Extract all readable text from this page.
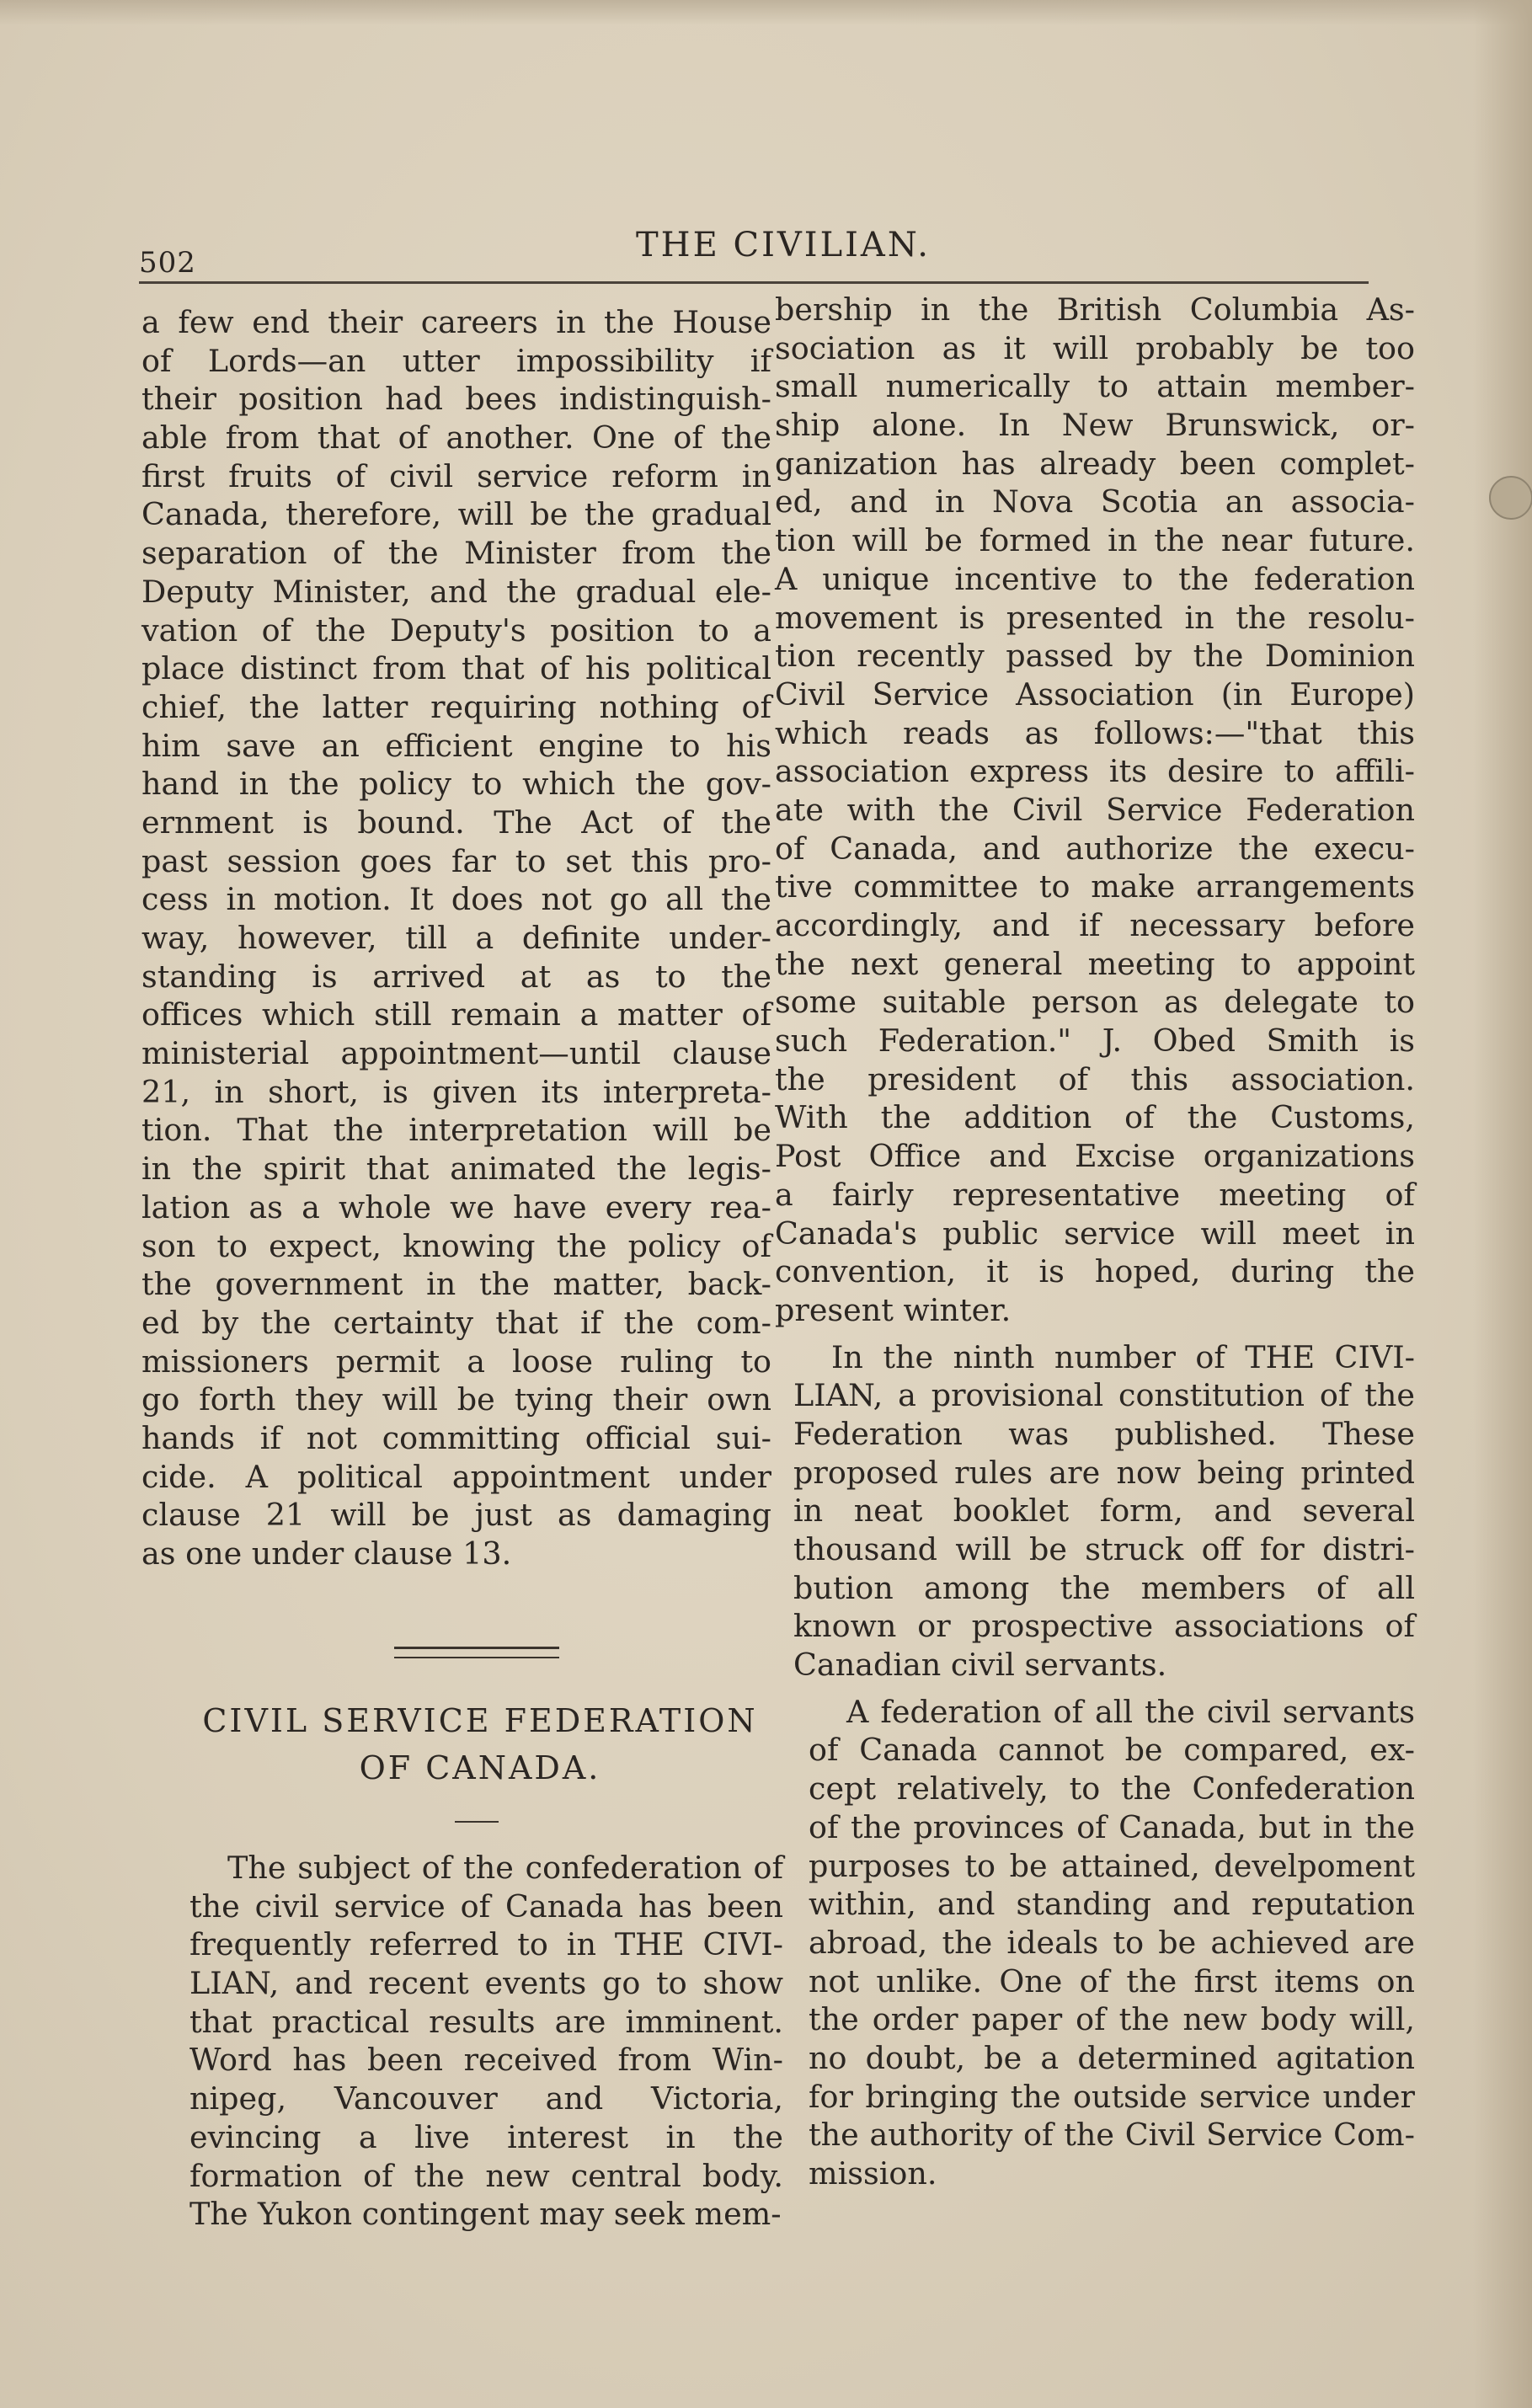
502	THE CIVILIAN.
a few end their careers in the House
of Lords—an utter impossibility if
their position had bees indistinguish-
able from that of another. One of the
first fruits of civil service reform in
Canada, therefore, will be the gradual
separation of the Minister from the
Deputy Minister, and the gradual ele-
vation of the Deputy's position to a
place distinct from that of his political
chief, the latter requiring nothing of
him save an efficient engine to his
hand in the policy to which the gov-
ernment is bound. The Act of the
past session goes far to set this pro-
cess in motion. It does not go all the
way, however, till a definite under-
standing is arrived at as to the
offices which still remain a matter of
ministerial appointment—until clause
21, in short, is given its interpreta-
tion. That the interpretation will be
in the spirit that animated the legis-
lation as a whole we have every rea-
son to expect, knowing the policy of
the government in the matter, back-
ed by the certainty that if the com-
missioners permit a loose ruling to
go forth they will be tying their own
hands if not committing official sui-
cide. A political appointment under
clause 21 will be just as damaging
as one under clause 13.
CIVIL SERVICE FEDERATION
OF CANADA.
The subject of the confederation of
the civil service of Canada has been
frequently referred to in THE CIVI-
LIAN, and recent events go to show
that practical results are imminent.
Word has been received from Win-
nipeg, Vancouver and Victoria,
evincing a live interest in the
formation of the new central body.
The Yukon contingent may seek mem-
bership in the British Columbia As-
sociation as it will probably be too
small numerically to attain member-
ship alone. In New Brunswick, or-
ganization has already been complet-
ed, and in Nova Scotia an associa-
tion will be formed in the near future.
A unique incentive to the federation
movement is presented in the resolu-
tion recently passed by the Dominion
Civil Service Association (in Europe)
which reads as follows:—"that this
association express its desire to affili-
ate with the Civil Service Federation
of Canada, and authorize the execu-
tive committee to make arrangements
accordingly, and if necessary before
the next general meeting to appoint
some suitable person as delegate to
such Federation." J. Obed Smith is
the president of this association.
With the addition of the Customs,
Post Office and Excise organizations
a fairly representative meeting of
Canada's public service will meet in
convention, it is hoped, during the
present winter.
In the ninth number of THE CIVI-
LIAN, a provisional constitution of the
Federation was published. These
proposed rules are now being printed
in neat booklet form, and several
thousand will be struck off for distri-
bution among the members of all
known or prospective associations of
Canadian civil servants.
A federation of all the civil servants
of Canada cannot be compared, ex-
cept relatively, to the Confederation
of the provinces of Canada, but in the
purposes to be attained, develpoment
within, and standing and reputation
abroad, the ideals to be achieved are
not unlike. One of the first items on
the order paper of the new body will,
no doubt, be a determined agitation
for bringing the outside service under
the authority of the Civil Service Com-
mission.
